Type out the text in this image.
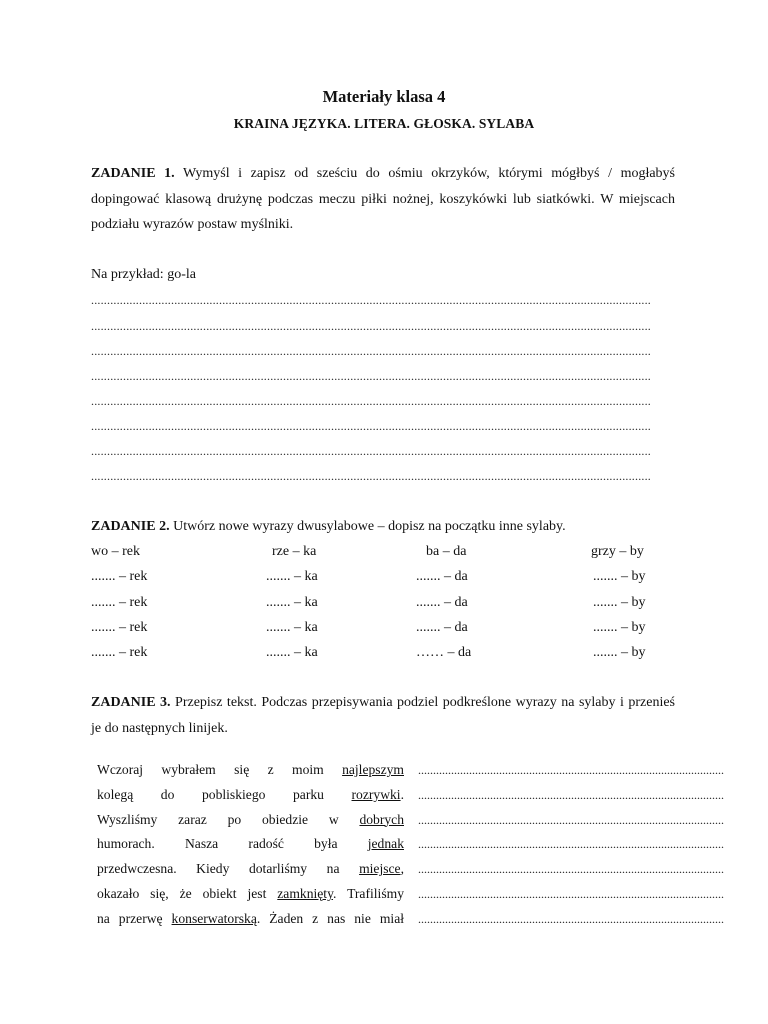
Materiały klasa 4
KRAINA JĘZYKA. LITERA. GŁOSKA. SYLABA
ZADANIE 1. Wymyśl i zapisz od sześciu do ośmiu okrzyków, którymi mógłbyś / mogłabyś dopingować klasową drużynę podczas meczu piłki nożnej, koszykówki lub siatkówki. W miejscach podziału wyrazów postaw myślniki.
Na przykład: go-la
...............................................................................................................................................................................
...............................................................................................................................................................................
...............................................................................................................................................................................
...............................................................................................................................................................................
...............................................................................................................................................................................
...............................................................................................................................................................................
...............................................................................................................................................................................
...............................................................................................................................................................................
ZADANIE 2. Utwórz nowe wyrazy dwusylabowe – dopisz na początku inne sylaby.
wo – rek
....... – rek
....... – rek
....... – rek
....... – rek
rze – ka
....... – ka
....... – ka
....... – ka
....... – ka
ba – da
....... – da
....... – da
....... – da
…… – da
grzy – by
....... – by
....... – by
....... – by
....... – by
ZADANIE 3. Przepisz tekst. Podczas przepisywania podziel podkreślone wyrazy na sylaby i przenieś je do następnych linijek.
Wczoraj wybrałem się z moim najlepszym
kolegą do pobliskiego parku rozrywki.
Wyszliśmy zaraz po obiedzie w dobrych
humorach. Nasza radość była jednak
przedwczesna. Kiedy dotarliśmy na miejsce,
okazało się, że obiekt jest zamknięty. Trafiliśmy
na przerwę konserwatorską. Żaden z nas nie miał
......................................................................................................
......................................................................................................
......................................................................................................
......................................................................................................
......................................................................................................
......................................................................................................
......................................................................................................
